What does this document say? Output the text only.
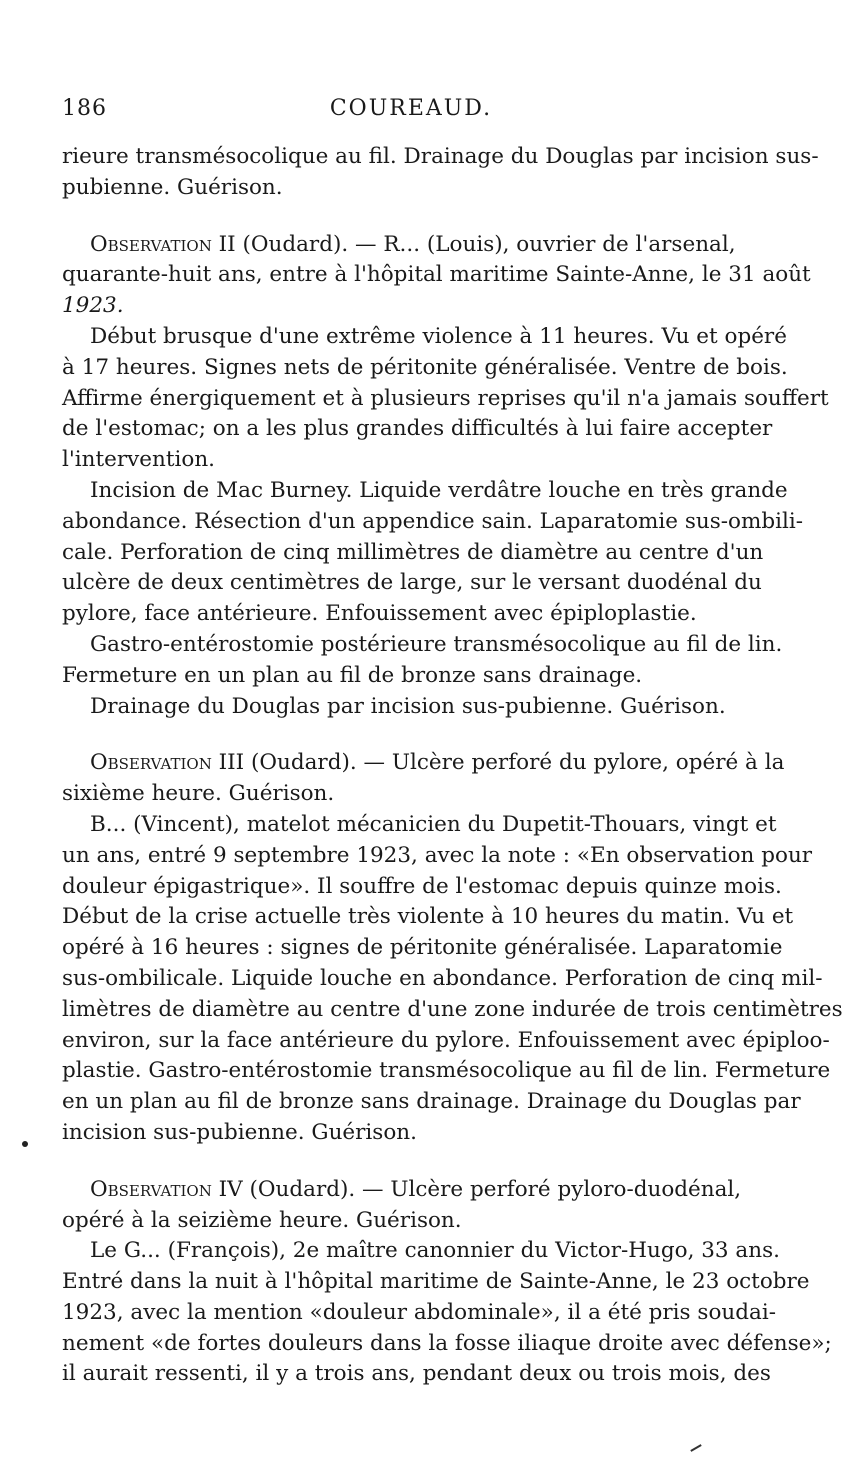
186	COUREAUD.
rieure transmésocolique au fil. Drainage du Douglas par incision sus-
pubienne. Guérison.
Observation II (Oudard). — R... (Louis), ouvrier de l'arsenal,
quarante-huit ans, entre à l'hôpital maritime Sainte-Anne, le 31 août
1923.
Début brusque d'une extrême violence à 11 heures. Vu et opéré
à 17 heures. Signes nets de péritonite généralisée. Ventre de bois.
Affirme énergiquement et à plusieurs reprises qu'il n'a jamais souffert
de l'estomac; on a les plus grandes difficultés à lui faire accepter
l'intervention.
Incision de Mac Burney. Liquide verdâtre louche en très grande
abondance. Résection d'un appendice sain. Laparatomie sus-ombili-
cale. Perforation de cinq millimètres de diamètre au centre d'un
ulcère de deux centimètres de large, sur le versant duodénal du
pylore, face antérieure. Enfouissement avec épiploplastie.
Gastro-entérostomie postérieure transmésocolique au fil de lin.
Fermeture en un plan au fil de bronze sans drainage.
Drainage du Douglas par incision sus-pubienne. Guérison.
Observation III (Oudard). — Ulcère perforé du pylore, opéré à la
sixième heure. Guérison.
B... (Vincent), matelot mécanicien du Dupetit-Thouars, vingt et
un ans, entré 9 septembre 1923, avec la note : «En observation pour
douleur épigastrique». Il souffre de l'estomac depuis quinze mois.
Début de la crise actuelle très violente à 10 heures du matin. Vu et
opéré à 16 heures : signes de péritonite généralisée. Laparatomie
sus-ombilicale. Liquide louche en abondance. Perforation de cinq mil-
limètres de diamètre au centre d'une zone indurée de trois centimètres
environ, sur la face antérieure du pylore. Enfouissement avec épiploo-
plastie. Gastro-entérostomie transmésocolique au fil de lin. Fermeture
en un plan au fil de bronze sans drainage. Drainage du Douglas par
incision sus-pubienne. Guérison.
Observation IV (Oudard). — Ulcère perforé pyloro-duodénal,
opéré à la seizième heure. Guérison.
Le G... (François), 2e maître canonnier du Victor-Hugo, 33 ans.
Entré dans la nuit à l'hôpital maritime de Sainte-Anne, le 23 octobre
1923, avec la mention «douleur abdominale», il a été pris soudai-
nement «de fortes douleurs dans la fosse iliaque droite avec défense»;
il aurait ressenti, il y a trois ans, pendant deux ou trois mois, des
